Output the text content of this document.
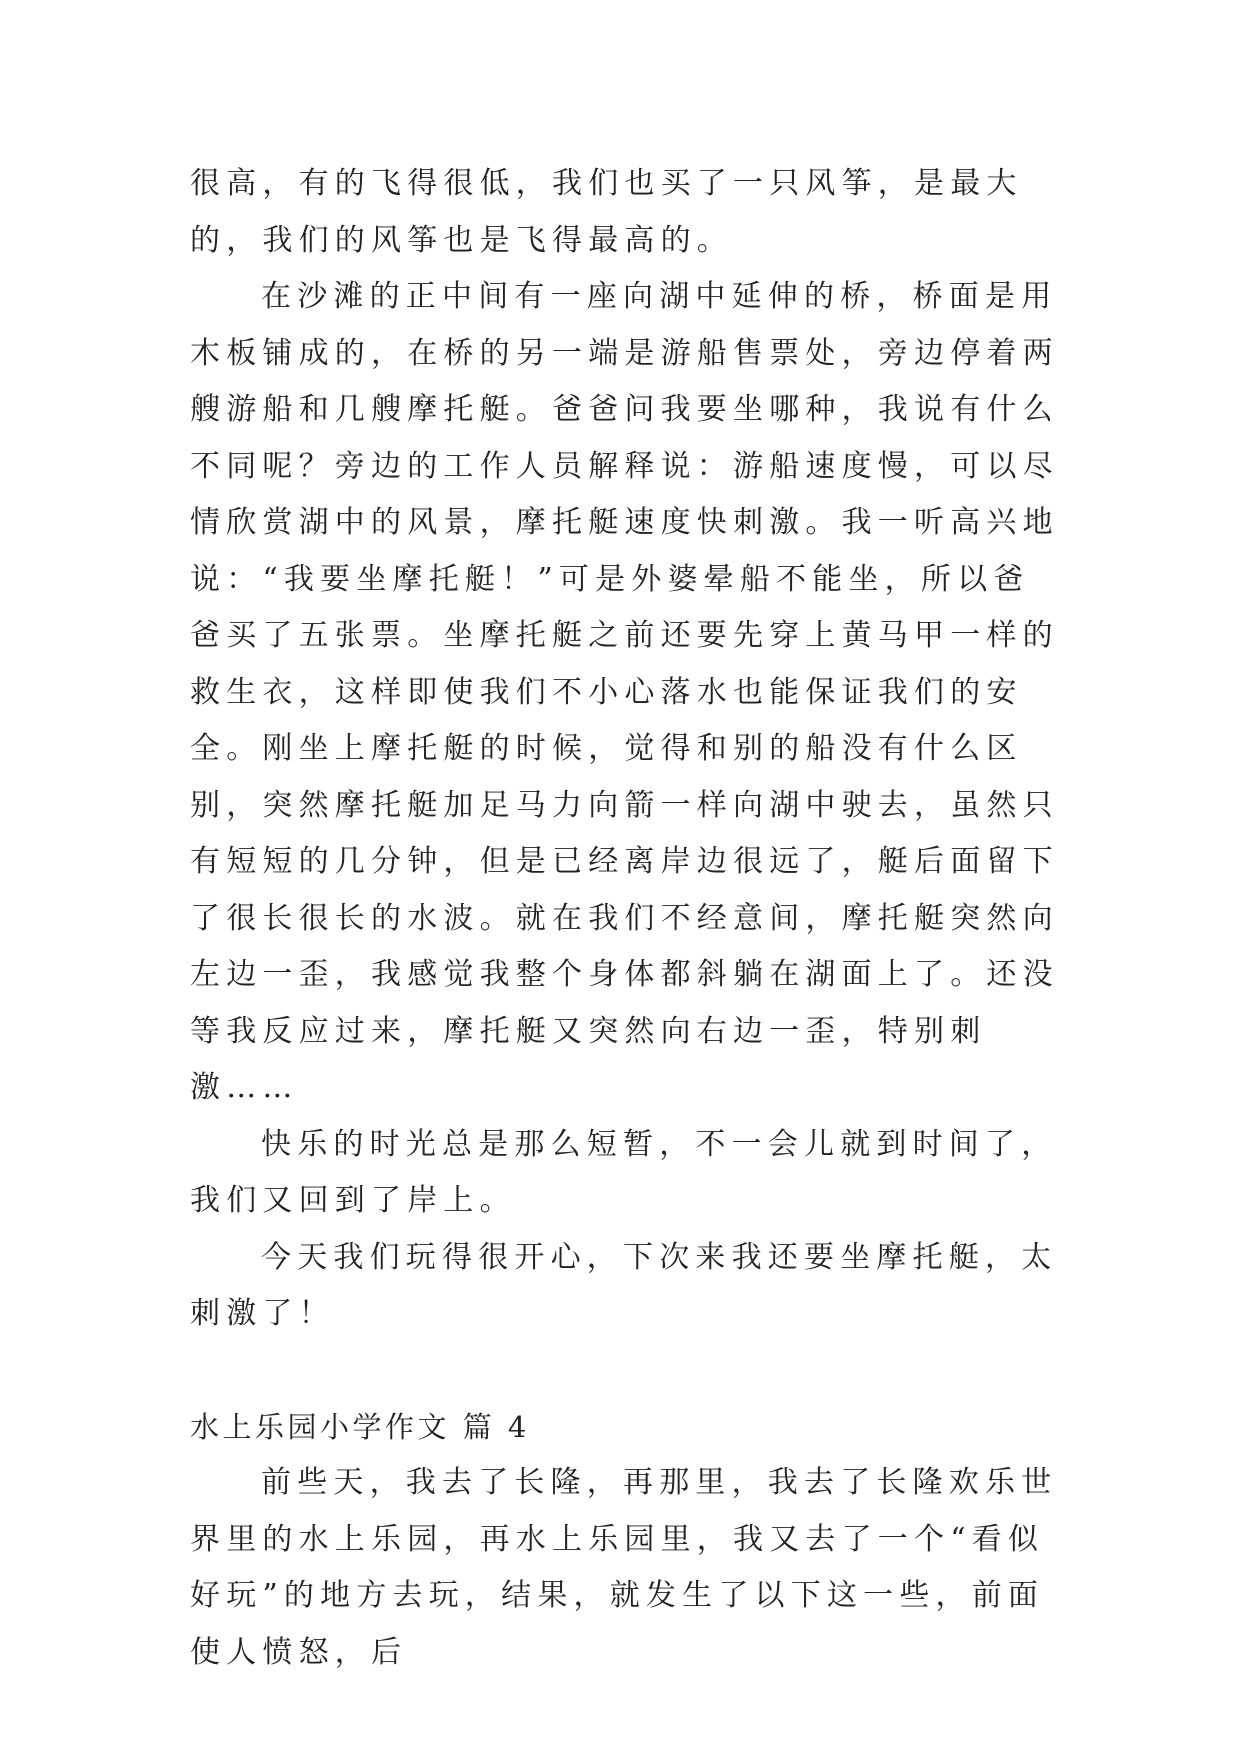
很高，有的飞得很低，我们也买了一只风筝，是最大的，我们的风筝也是飞得最高的。

在沙滩的正中间有一座向湖中延伸的桥，桥面是用木板铺成的，在桥的另一端是游船售票处，旁边停着两艘游船和几艘摩托艇。爸爸问我要坐哪种，我说有什么不同呢？旁边的工作人员解释说：游船速度慢，可以尽情欣赏湖中的风景，摩托艇速度快刺激。我一听高兴地说：“我要坐摩托艇！”可是外婆晕船不能坐，所以爸爸买了五张票。坐摩托艇之前还要先穿上黄马甲一样的救生衣，这样即使我们不小心落水也能保证我们的安全。刚坐上摩托艇的时候，觉得和别的船没有什么区别，突然摩托艇加足马力向箭一样向湖中驶去，虽然只有短短的几分钟，但是已经离岸边很远了，艇后面留下了很长很长的水波。就在我们不经意间，摩托艇突然向左边一歪，我感觉我整个身体都斜躺在湖面上了。还没等我反应过来，摩托艇又突然向右边一歪，特别刺激……

快乐的时光总是那么短暂，不一会儿就到时间了，我们又回到了岸上。

今天我们玩得很开心，下次来我还要坐摩托艇，太刺激了！

水上乐园小学作文 篇 4

前些天，我去了长隆，再那里，我去了长隆欢乐世界里的水上乐园，再水上乐园里，我又去了一个“看似好玩”的地方去玩，结果，就发生了以下这一些，前面使人愤怒，后
